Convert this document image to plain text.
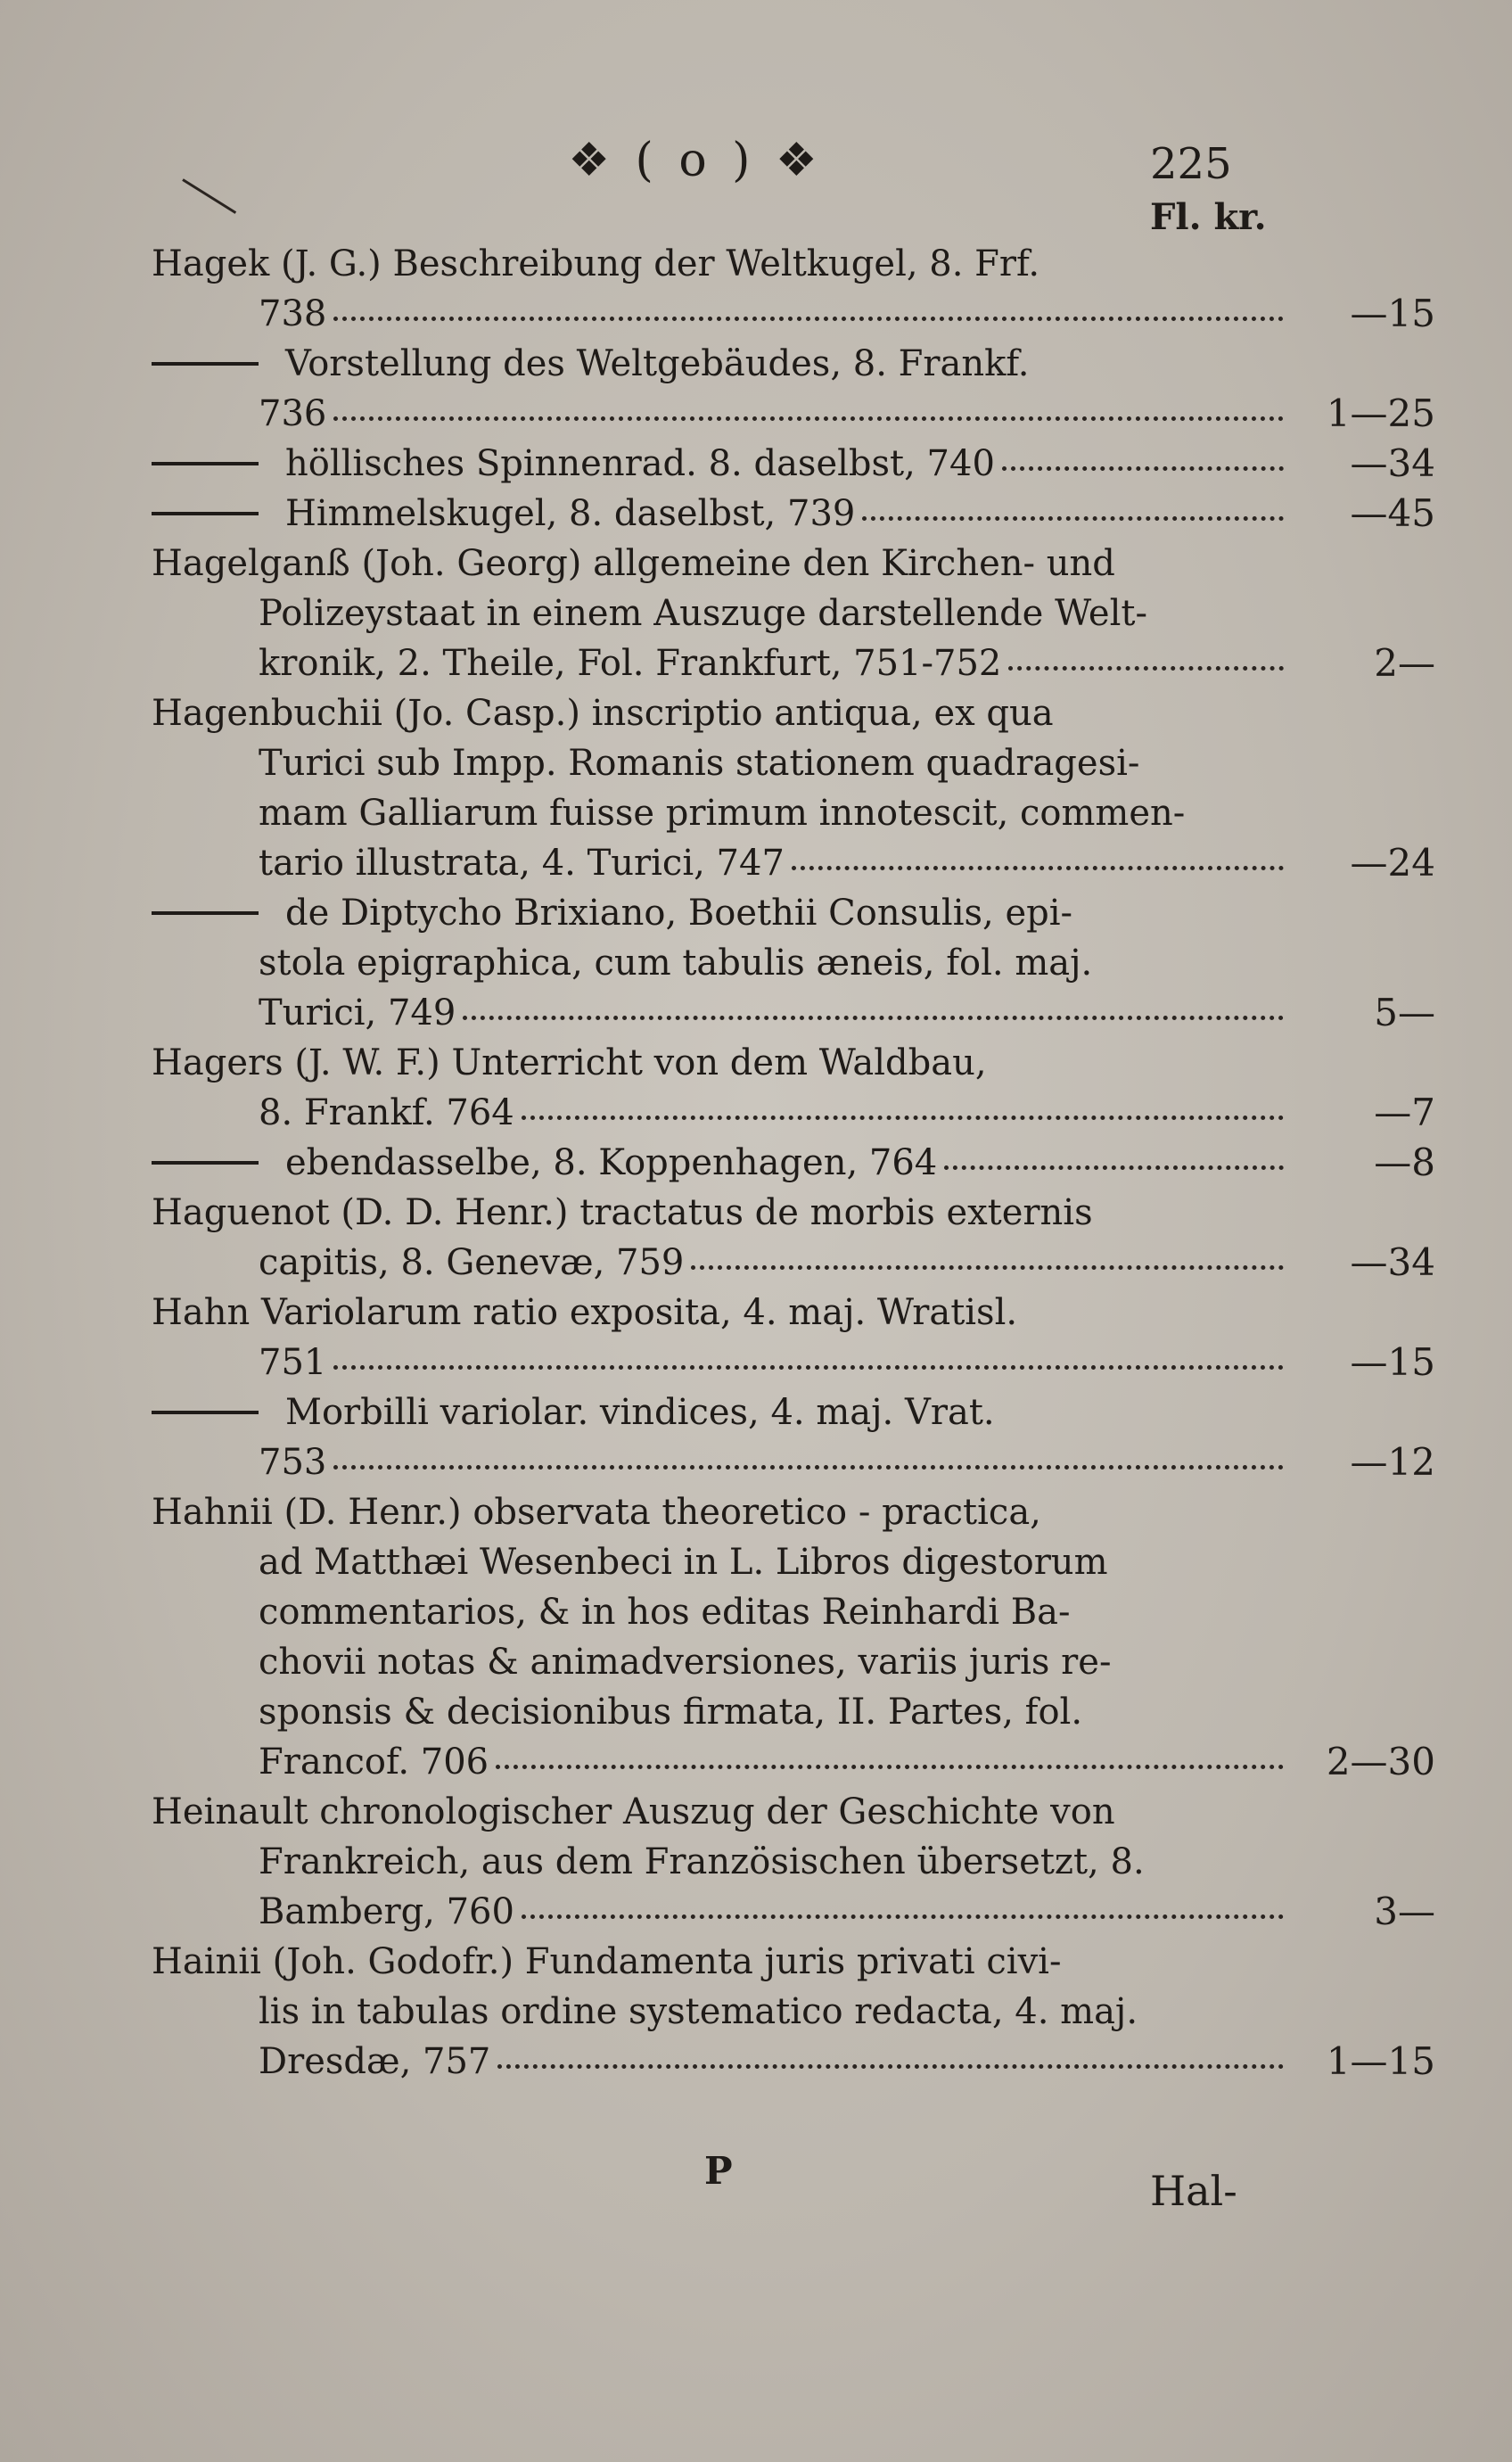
❖ ( o ) ❖	225
Fl. kr.
Hagek (J. G.) Beschreibung der Weltkugel, 8. Frf.
738	—15
Vorstellung des Weltgebäudes, 8. Frankf.
736	1—25
höllisches Spinnenrad. 8. daselbst, 740	—34
Himmelskugel, 8. daselbst, 739	—45
Hagelganß (Joh. Georg) allgemeine den Kirchen- und
Polizeystaat in einem Auszuge darstellende Welt-
kronik, 2. Theile, Fol. Frankfurt, 751-752	2—
Hagenbuchii (Jo. Casp.) inscriptio antiqua, ex qua
Turici sub Impp. Romanis stationem quadragesi-
mam Galliarum fuisse primum innotescit, commen-
tario illustrata, 4. Turici, 747	—24
de Diptycho Brixiano, Boethii Consulis, epi-
stola epigraphica, cum tabulis æneis, fol. maj.
Turici, 749	5—
Hagers (J. W. F.) Unterricht von dem Waldbau,
8. Frankf. 764	—7
ebendasselbe, 8. Koppenhagen, 764	—8
Haguenot (D. D. Henr.) tractatus de morbis externis
capitis, 8. Genevæ, 759	—34
Hahn Variolarum ratio exposita, 4. maj. Wratisl.
751	—15
Morbilli variolar. vindices, 4. maj. Vrat.
753	—12
Hahnii (D. Henr.) observata theoretico - practica,
ad Matthæi Wesenbeci in L. Libros digestorum
commentarios, & in hos editas Reinhardi Ba-
chovii notas & animadversiones, variis juris re-
sponsis & decisionibus firmata, II. Partes, fol.
Francof. 706	2—30
Heinault chronologischer Auszug der Geschichte von
Frankreich, aus dem Französischen übersetzt, 8.
Bamberg, 760	3—
Hainii (Joh. Godofr.) Fundamenta juris privati civi-
lis in tabulas ordine systematico redacta, 4. maj.
Dresdæ, 757	1—15
P	Hal-
